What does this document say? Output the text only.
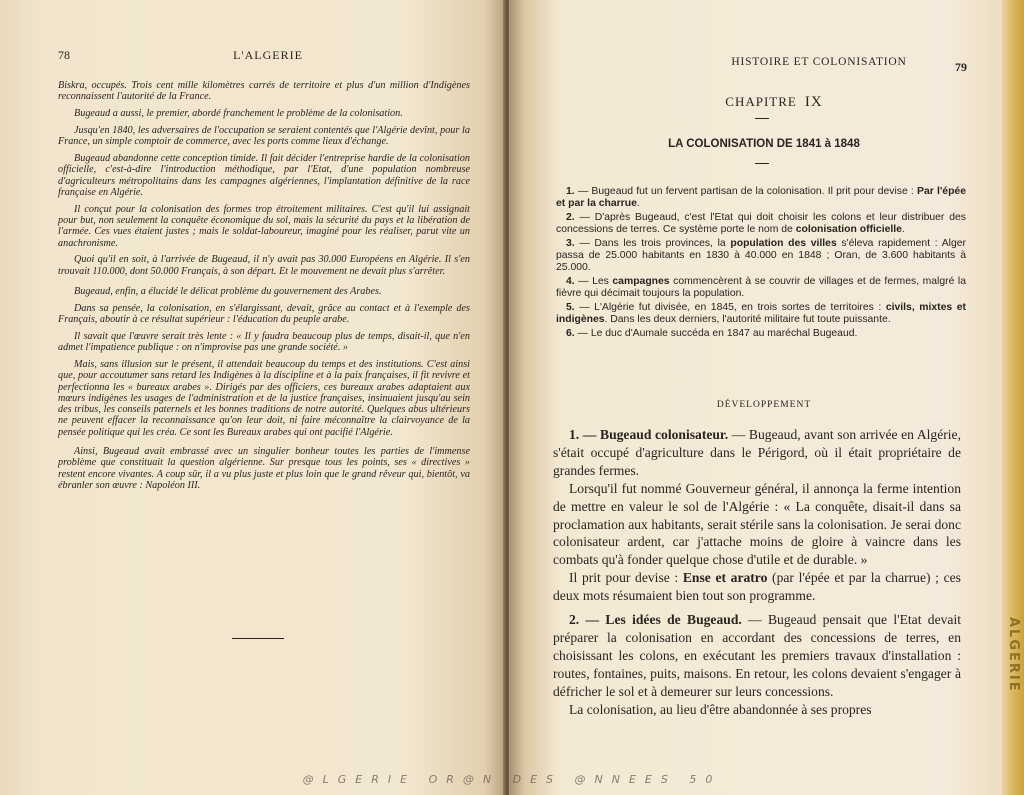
78	L'ALGERIE

Biskra, occupés. Trois cent mille kilomètres carrés de territoire et plus d'un million d'Indigènes reconnaissent l'autorité de la France.

Bugeaud a aussi, le premier, abordé franchement le problème de la colonisation.

Jusqu'en 1840, les adversaires de l'occupation se seraient contentés que l'Algérie devînt, pour la France, un simple comptoir de commerce, avec les ports comme lieux d'échange.

Bugeaud abandonne cette conception timide. Il fait décider l'entreprise hardie de la colonisation officielle, c'est-à-dire l'introduction méthodique, par l'Etat, d'une population nombreuse d'agriculteurs métropolitains dans les campagnes algériennes, l'implantation définitive de la race française en Algérie.

Il conçut pour la colonisation des formes trop étroitement militaires. C'est qu'il lui assignait pour but, non seulement la conquête économique du sol, mais la sécurité du pays et la libération de l'armée. Ces vues étaient justes ; mais le soldat-laboureur, imaginé pour les réaliser, parut vite un anachronisme.

Quoi qu'il en soit, à l'arrivée de Bugeaud, il n'y avait pas 30.000 Européens en Algérie. Il s'en trouvait 110.000, dont 50.000 Français, à son départ. Et le mouvement ne devait plus s'arrêter.

Bugeaud, enfin, a élucidé le délicat problème du gouvernement des Arabes.

Dans sa pensée, la colonisation, en s'élargissant, devait, grâce au contact et à l'exemple des Français, aboutir à ce résultat supérieur : l'éducation du peuple arabe.

Il savait que l'œuvre serait très lente : « Il y faudra beaucoup plus de temps, disait-il, que n'en admet l'impatience publique : on n'improvise pas une grande société. »

Mais, sans illusion sur le présent, il attendait beaucoup du temps et des institutions. C'est ainsi que, pour accoutumer sans retard les Indigènes à la discipline et à la paix françaises, il fit revivre et perfectionna les « bureaux arabes ». Dirigés par des officiers, ces bureaux arabes adaptaient aux mœurs indigènes les usages de l'administration et de la justice françaises, insinuaient jusqu'au sein des tribus, les conseils paternels et les bonnes traditions de notre autorité. Quelques abus ultérieurs ne peuvent effacer la reconnaissance qu'on leur doit, ni faire méconnaître la clairvoyance de la pensée politique qui les créa. Ce sont les Bureaux arabes qui ont pacifié l'Algérie.

Ainsi, Bugeaud avait embrassé avec un singulier bonheur toutes les parties de l'immense problème que constituait la question algérienne. Sur presque tous les points, ses « directives » restent encore vivantes. A coup sûr, il a vu plus juste et plus loin que le grand rêveur qui, bientôt, va ébranler son œuvre : Napoléon III.

HISTOIRE ET COLONISATION	79
CHAPITRE IX
LA COLONISATION DE 1841 à 1848

1. — Bugeaud fut un fervent partisan de la colonisation. Il prit pour devise : Par l'épée et par la charrue.

2. — D'après Bugeaud, c'est l'Etat qui doit choisir les colons et leur distribuer des concessions de terres. Ce système porte le nom de colonisation officielle.

3. — Dans les trois provinces, la population des villes s'éleva rapidement : Alger passa de 25.000 habitants en 1830 à 40.000 en 1848 ; Oran, de 3.600 habitants à 25.000.

4. — Les campagnes commencèrent à se couvrir de villages et de fermes, malgré la fièvre qui décimait toujours la population.

5. — L'Algérie fut divisée, en 1845, en trois sortes de territoires : civils, mixtes et indigènes. Dans les deux derniers, l'autorité militaire fut toute puissante.

6. — Le duc d'Aumale succéda en 1847 au maréchal Bugeaud.

DÉVELOPPEMENT

1. — Bugeaud colonisateur. — Bugeaud, avant son arrivée en Algérie, s'était occupé d'agriculture dans le Périgord, où il était propriétaire de grandes fermes.

Lorsqu'il fut nommé Gouverneur général, il annonça la ferme intention de mettre en valeur le sol de l'Algérie : « La conquête, disait-il dans sa proclamation aux habitants, serait stérile sans la colonisation. Je serai donc colonisateur ardent, car j'attache moins de gloire à vaincre dans les combats qu'à fonder quelque chose d'utile et de durable. »

Il prit pour devise : Ense et aratro (par l'épée et par la charrue) ; ces deux mots résumaient bien tout son programme.

2. — Les idées de Bugeaud. — Bugeaud pensait que l'Etat devait préparer la colonisation en accordant des concessions de terres, en choisissant les colons, en exécutant les premiers travaux d'installation : routes, fontaines, puits, maisons. En retour, les colons devaient s'engager à défricher le sol et à demeurer sur leurs concessions.

La colonisation, au lieu d'être abandonnée à ses propres

ALGERIE
@LGERIE OR@N DES @NNEES 50
